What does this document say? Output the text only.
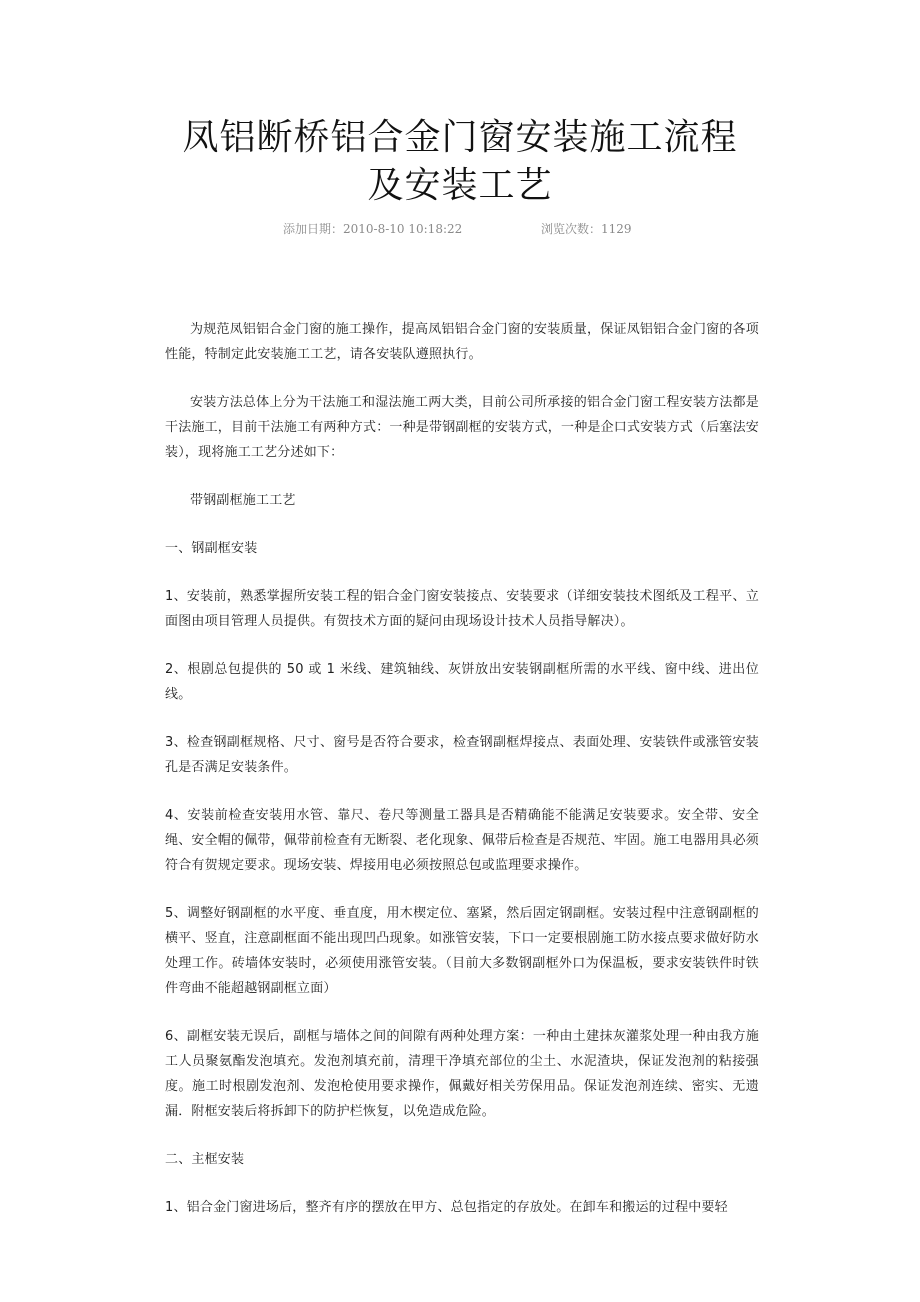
凤铝断桥铝合金门窗安装施工流程
及安装工艺
添加日期：2010-8-10 10:18:22	浏览次数：1129

为规范凤铝铝合金门窗的施工操作，提高凤铝铝合金门窗的安装质量，保证凤铝铝合金门窗的各项性能，特制定此安装施工工艺，请各安装队遵照执行。

安装方法总体上分为干法施工和湿法施工两大类，目前公司所承接的铝合金门窗工程安装方法都是干法施工，目前干法施工有两种方式：一种是带钢副框的安装方式，一种是企口式安装方式（后塞法安装），现将施工工艺分述如下：

带钢副框施工工艺

一、钢副框安装

1、安装前，熟悉掌握所安装工程的铝合金门窗安装接点、安装要求（详细安装技术图纸及工程平、立面图由项目管理人员提供。有贺技术方面的疑问由现场设计技术人员指导解决）。

2、根剧总包提供的 50 或 1 米线、建筑轴线、灰饼放出安装钢副框所需的水平线、窗中线、进出位线。

3、检查钢副框规格、尺寸、窗号是否符合要求，检查钢副框焊接点、表面处理、安装铁件或涨管安装孔是否满足安装条件。

4、安装前检查安装用水管、靠尺、卷尺等测量工器具是否精确能不能满足安装要求。安全带、安全绳、安全帽的佩带，佩带前检查有无断裂、老化现象、佩带后检查是否规范、牢固。施工电器用具必须符合有贺规定要求。现场安装、焊接用电必须按照总包或监理要求操作。

5、调整好钢副框的水平度、垂直度，用木楔定位、塞紧，然后固定钢副框。安装过程中注意钢副框的横平、竖直，注意副框面不能出现凹凸现象。如涨管安装，下口一定要根剧施工防水接点要求做好防水处理工作。砖墙体安装时，必须使用涨管安装。（目前大多数钢副框外口为保温板，要求安装铁件时铁件弯曲不能超越钢副框立面）

6、副框安装无误后，副框与墙体之间的间隙有两种处理方案：一种由土建抹灰灌浆处理一种由我方施工人员聚氨酯发泡填充。发泡剂填充前，清理干净填充部位的尘土、水泥渣块，保证发泡剂的粘接强度。施工时根剧发泡剂、发泡枪使用要求操作，佩戴好相关劳保用品。保证发泡剂连续、密实、无遗漏．附框安装后将拆卸下的防护栏恢复，以免造成危险。

二、主框安装

1、铝合金门窗进场后，整齐有序的摆放在甲方、总包指定的存放处。在卸车和搬运的过程中要轻
